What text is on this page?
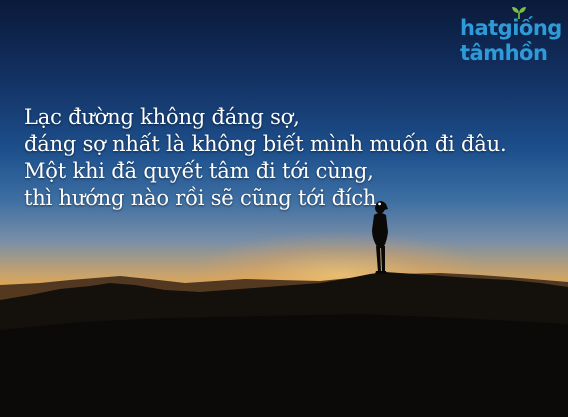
Lạc đường không đáng sợ,
đáng sợ nhất là không biết mình muốn đi đâu.
Một khi đã quyết tâm đi tới cùng,
thì hướng nào rồi sẽ cũng tới đích.
hatgiống
tâmhồn
